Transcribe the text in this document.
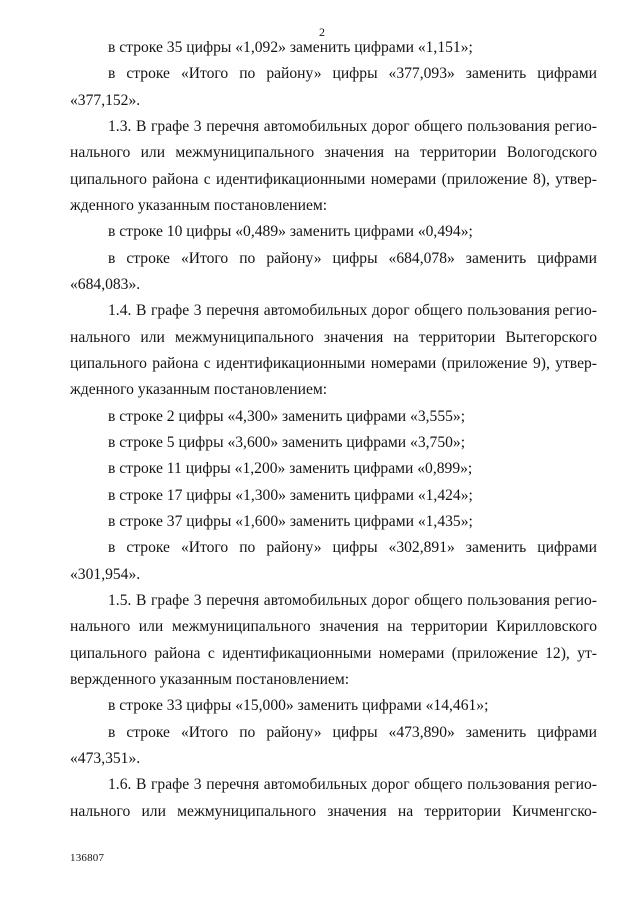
2
в строке 35 цифры «1,092» заменить цифрами «1,151»;
в строке «Итого по району» цифры «377,093» заменить цифрами
«377,152».
1.3. В графе 3 перечня автомобильных дорог общего пользования регио-
нального или межмуниципального значения на территории Вологодского
ципального района с идентификационными номерами (приложение 8), утвер-
жденного указанным постановлением:
в строке 10 цифры «0,489» заменить цифрами «0,494»;
в строке «Итого по району» цифры «684,078» заменить цифрами
«684,083».
1.4. В графе 3 перечня автомобильных дорог общего пользования регио-
нального или межмуниципального значения на территории Вытегорского
ципального района с идентификационными номерами (приложение 9), утвер-
жденного указанным постановлением:
в строке 2 цифры «4,300» заменить цифрами «3,555»;
в строке 5 цифры «3,600» заменить цифрами «3,750»;
в строке 11 цифры «1,200» заменить цифрами «0,899»;
в строке 17 цифры «1,300» заменить цифрами «1,424»;
в строке 37 цифры «1,600» заменить цифрами «1,435»;
в строке «Итого по району» цифры «302,891» заменить цифрами
«301,954».
1.5. В графе 3 перечня автомобильных дорог общего пользования регио-
нального или межмуниципального значения на территории Кирилловского
ципального района с идентификационными номерами (приложение 12), ут-
вержденного указанным постановлением:
в строке 33 цифры «15,000» заменить цифрами «14,461»;
в строке «Итого по району» цифры «473,890» заменить цифрами
«473,351».
1.6. В графе 3 перечня автомобильных дорог общего пользования регио-
нального или межмуниципального значения на территории Кичменгско-
136807
